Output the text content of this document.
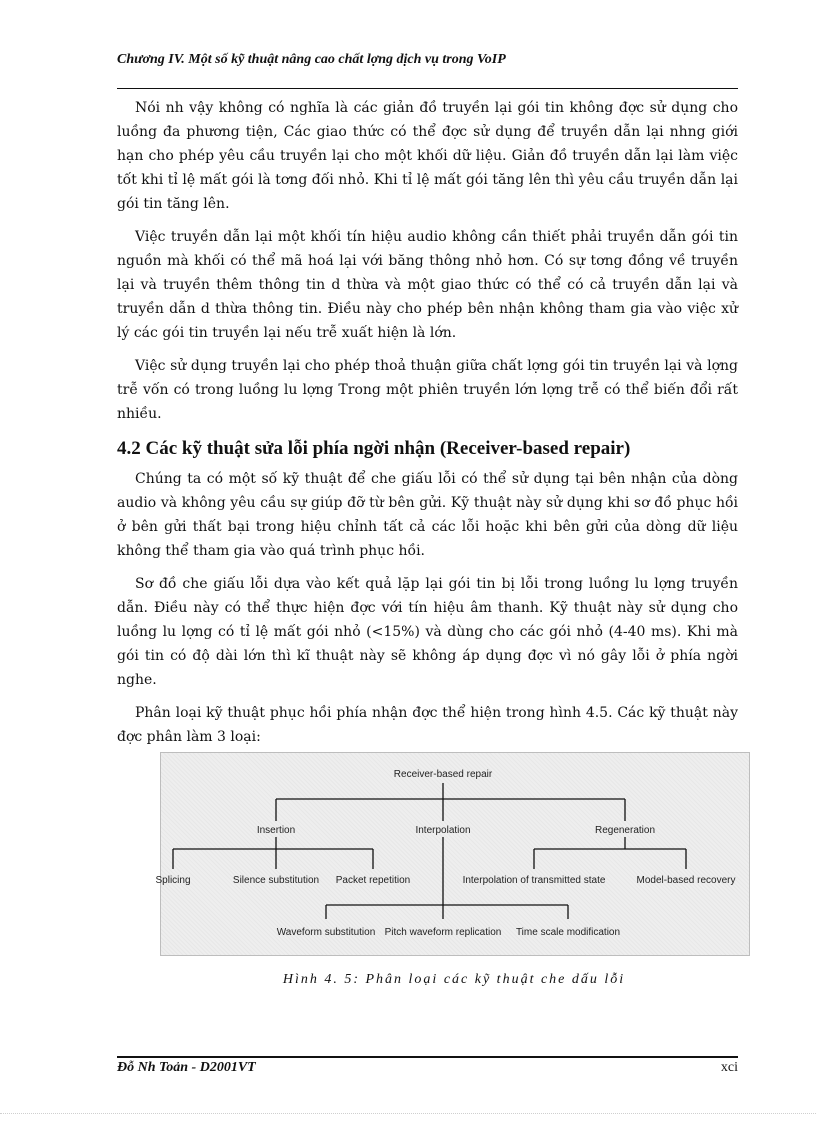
Chương IV. Một số kỹ thuật nâng cao chất lợng dịch vụ trong VoIP

Nói nh vậy không có nghĩa là các giản đồ truyền lại gói tin không đợc sử dụng cho luồng đa phương tiện, Các giao thức có thể đợc sử dụng để truyền dẫn lại nhng giới hạn cho phép yêu cầu truyền lại cho một khối dữ liệu. Giản đồ truyền dẫn lại làm việc tốt khi tỉ lệ mất gói là tơng đối nhỏ. Khi tỉ lệ mất gói tăng lên thì yêu cầu truyền dẫn lại gói tin tăng lên.

Việc truyền dẫn lại một khối tín hiệu audio không cần thiết phải truyền dẫn gói tin nguồn mà khối có thể mã hoá lại với băng thông nhỏ hơn. Có sự tơng đồng về truyền lại và truyền thêm thông tin d thừa và một giao thức có thể có cả truyền dẫn lại và truyền dẫn d thừa thông tin. Điều này cho phép bên nhận không tham gia vào việc xử lý các gói tin truyền lại nếu trễ xuất hiện là lớn.

Việc sử dụng truyền lại cho phép thoả thuận giữa chất lợng gói tin truyền lại và lợng trễ vốn có trong luồng lu lợng Trong một phiên truyền lớn lợng trễ có thể biến đổi rất nhiều.

4.2 Các kỹ thuật sửa lỗi phía ngời nhận (Receiver-based repair)

Chúng ta có một số kỹ thuật để che giấu lỗi có thể sử dụng tại bên nhận của dòng audio và không yêu cầu sự giúp đỡ từ bên gửi. Kỹ thuật này sử dụng khi sơ đồ phục hồi ở bên gửi thất bại trong hiệu chỉnh tất cả các lỗi hoặc khi bên gửi của dòng dữ liệu không thể tham gia vào quá trình phục hồi.

Sơ đồ che giấu lỗi dựa vào kết quả lặp lại gói tin bị lỗi trong luồng lu lợng truyền dẫn. Điều này có thể thực hiện đợc với tín hiệu âm thanh. Kỹ thuật này sử dụng cho luồng lu lợng có tỉ lệ mất gói nhỏ (<15%) và dùng cho các gói nhỏ (4-40 ms). Khi mà gói tin có độ dài lớn thì kĩ thuật này sẽ không áp dụng đợc vì nó gây lỗi ở phía ngời nghe.

Phân loại kỹ thuật phục hồi phía nhận đợc thể hiện trong hình 4.5. Các kỹ thuật này đợc phân làm 3 loại:

Receiver-based repair
Insertion	Interpolation	Regeneration
Splicing	Silence substitution Packet repetition	Interpolation of transmitted state	Model-based recovery
Waveform substitution Pitch waveform replication Time scale modification
Hình 4. 5: Phân loại các kỹ thuật che dấu lỗi
Đỗ Nh Toản - D2001VT	xci
